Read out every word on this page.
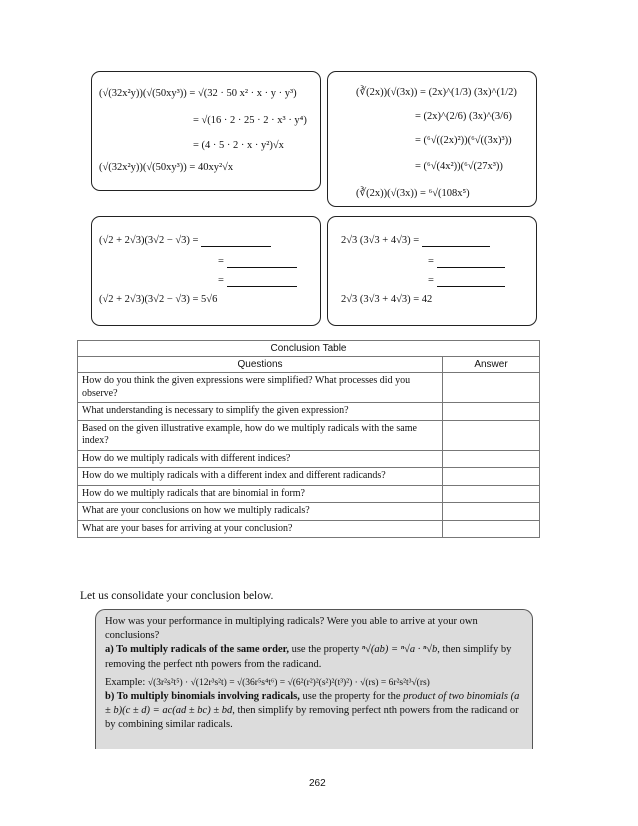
(√(32x²y))(√(50xy³)) = √(32 · 50 x² · x · y · y³)
= √(16 · 2 · 25 · 2 · x³ · y⁴)
= (4 · 5 · 2 · x · y²)√x
(√(32x²y))(√(50xy³)) = 40xy²√x
(∛(2x))(√(3x)) = (2x)^(1/3) (3x)^(1/2)
= (2x)^(2/6) (3x)^(3/6)
= (⁶√((2x)²))(⁶√((3x)³))
= (⁶√(4x²))(⁶√(27x³))
(∛(2x))(√(3x)) = ⁶√(108x⁵)
(√2 + 2√3)(3√2 − √3) =
=
=
(√2 + 2√3)(3√2 − √3) = 5√6
2√3 (3√3 + 4√3) =
=
=
2√3 (3√3 + 4√3) = 42
Conclusion Table	
Questions	Answer
How do you think the given expressions were simplified? What processes did you observe?	
What understanding is necessary to simplify the given expression?	
Based on the given illustrative example, how do we multiply radicals with the same index?	
How do we multiply radicals with different indices?	
How do we multiply radicals with a different index and different radicands?	
How do we multiply radicals that are binomial in form?	
What are your conclusions on how we multiply radicals?	
What are your bases for arriving at your conclusion?	
Let us consolidate your conclusion below.

How was your performance in multiplying radicals? Were you able to arrive at your own conclusions?

a) To multiply radicals of the same order, use the property ⁿ√(ab) = ⁿ√a · ⁿ√b, then simplify by removing the perfect nth powers from the radicand.

Example: √(3r²s²t⁵) · √(12r³s²t) = √(36r⁵s⁴t⁶) = √(6²(r²)²(s²)²(t³)²) · √(rs) = 6r²s²t³√(rs)

b) To multiply binomials involving radicals, use the property for the product of two binomials (a ± b)(c ± d) = ac(ad ± bc) ± bd, then simplify by removing perfect nth powers from the radicand or by combining similar radicals.

262
